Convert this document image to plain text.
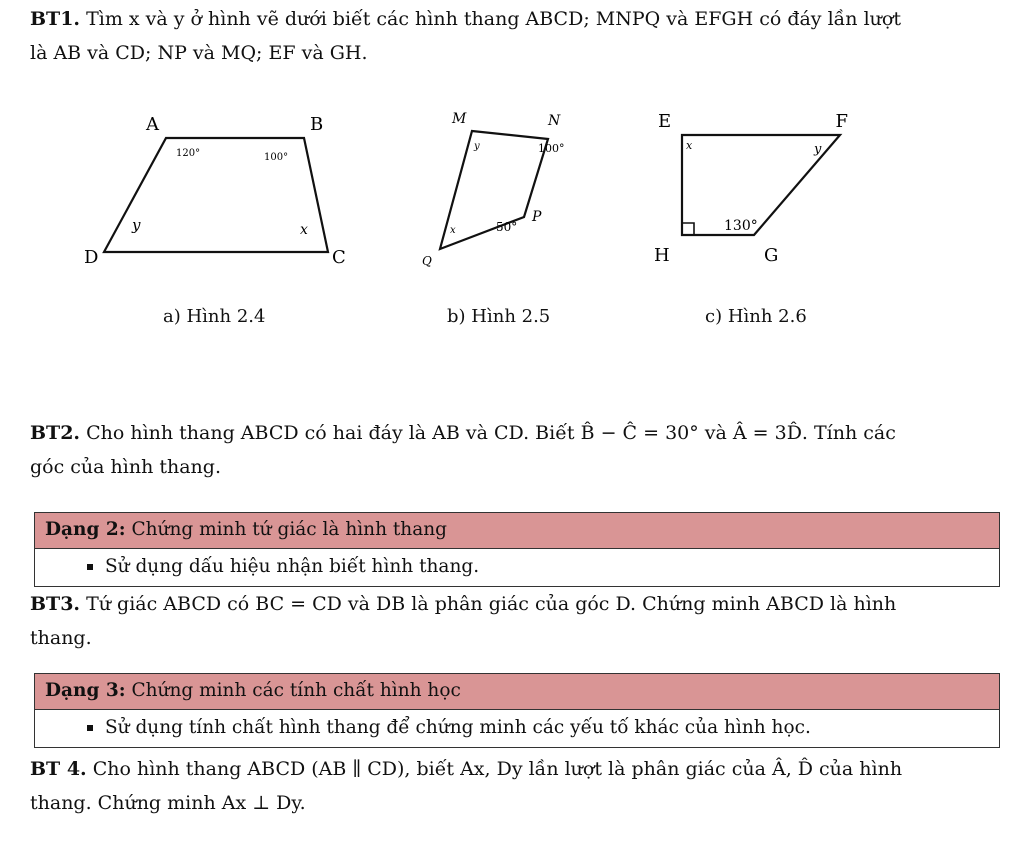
BT1. Tìm x và y ở hình vẽ dưới biết các hình thang ABCD; MNPQ và EFGH có đáy lần lượt
là AB và CD; NP và MQ; EF và GH.
A	B
C
D
120°	100°
y	x
a) Hình 2.4
M	N
P
Q
y	100°
50°
x
b) Hình 2.5
E	F
G
H
x	y
130°
c) Hình 2.6
BT2. Cho hình thang ABCD có hai đáy là AB và CD. Biết B̂ − Ĉ = 30° và Â = 3D̂. Tính các
góc của hình thang.
Dạng 2: Chứng minh tứ giác là hình thang
Sử dụng dấu hiệu nhận biết hình thang.
BT3. Tứ giác ABCD có BC = CD và DB là phân giác của góc D. Chứng minh ABCD là hình
thang.
Dạng 3: Chứng minh các tính chất hình học
Sử dụng tính chất hình thang để chứng minh các yếu tố khác của hình học.
BT 4. Cho hình thang ABCD (AB ∥ CD), biết Ax, Dy lần lượt là phân giác của Â, D̂ của hình
thang. Chứng minh Ax ⊥ Dy.
